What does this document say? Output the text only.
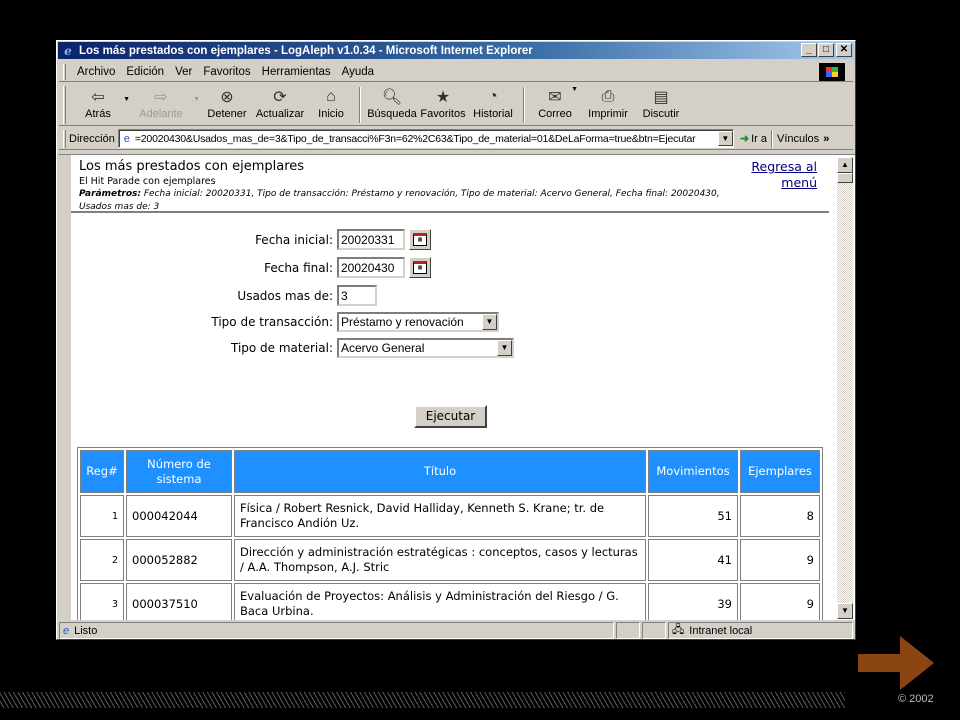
e Los más prestados con ejemplares - LogAleph v1.0.34 - Microsoft Internet Explorer	_	□	✕
Archivo Edición Ver Favoritos Herramientas Ayuda
⇦
Atrás
▼	⇨
Adelante
▼	⊗
Detener
⟳
Actualizar
⌂
Inicio
🔍︎
Búsqueda
★
Favoritos
◔
Historial
✉
Correo
▼	⎙
Imprimir
▤
Discutir
Dirección e =20020430&Usados_mas_de=3&Tipo_de_transacci%F3n=62%2C63&Tipo_de_material=01&DeLaForma=true&btn=Ejecutar	▼ ➜ Ir a Vínculos »
Los más prestados con ejemplares
El Hit Parade con ejemplares
Parámetros: Fecha inicial: 20020331, Tipo de transacción: Préstamo y renovación, Tipo de material: Acervo General, Fecha final: 20020430, Usados mas de: 3
Regresa al menú
Fecha inicial: 20020331	▦
Fecha final: 20020430	▦
Usados mas de: 3
Tipo de transacción: Préstamo y renovación	▼
Tipo de material: Acervo General	▼
Ejecutar
Reg#	Número de sistema	Título	Movimientos	Ejemplares
1	000042044	Física / Robert Resnick, David Halliday, Kenneth S. Krane; tr. de Francisco Andión Uz.	51	8
2	000052882	Dirección y administración estratégicas : conceptos, casos y lecturas / A.A. Thompson, A.J. Stric	41	9
3	000037510	Evaluación de Proyectos: Análisis y Administración del Riesgo / G. Baca Urbina.	39	9

▲
▼
e Listo	🖧 Intranet local
© 2002
